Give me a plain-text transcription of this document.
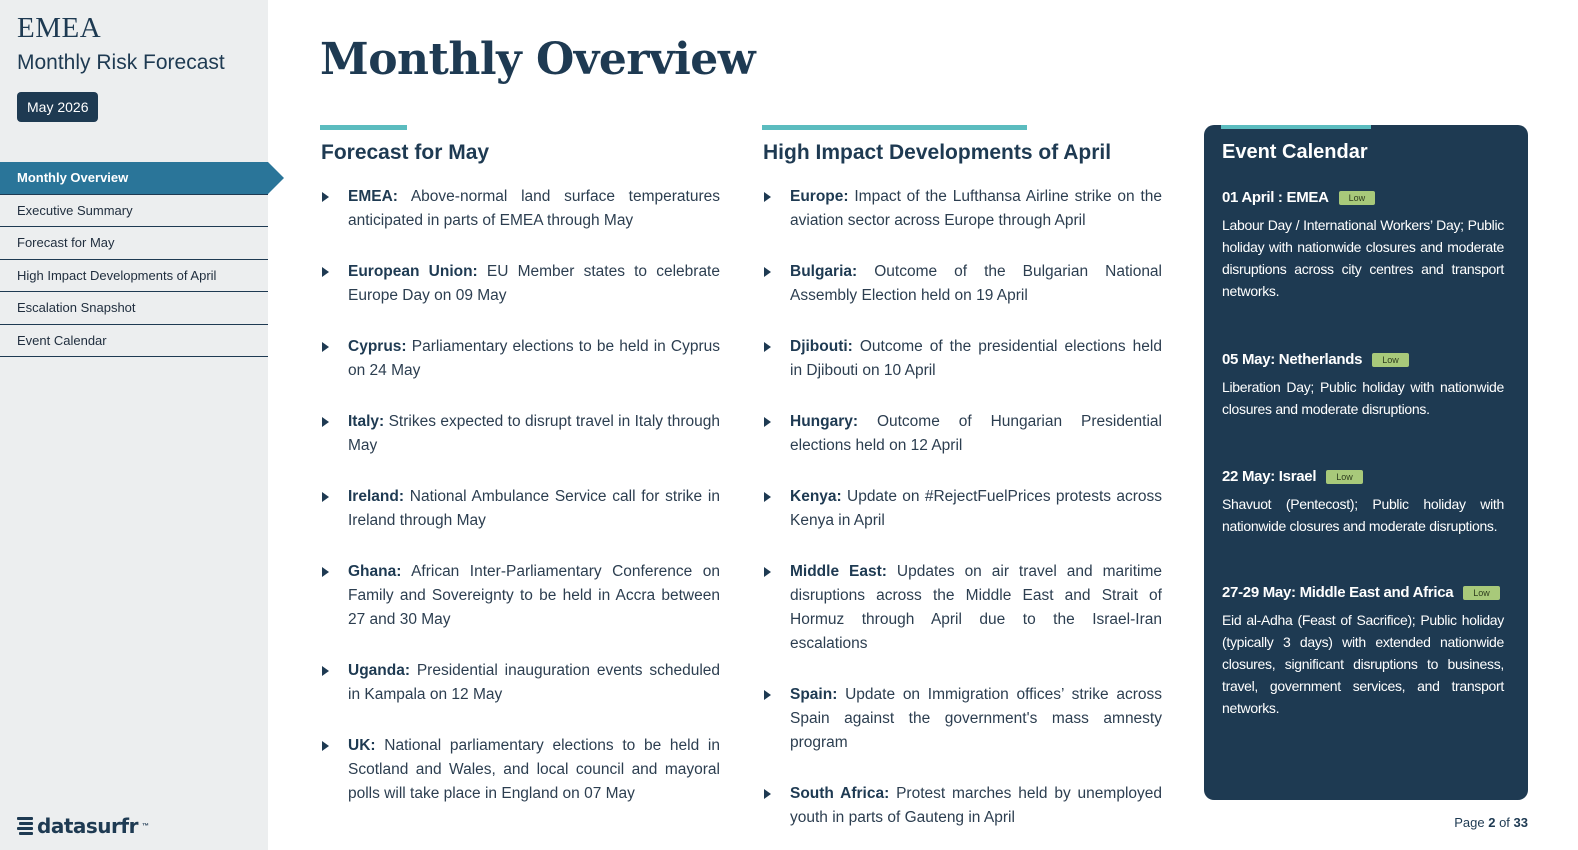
EMEA
Monthly Risk Forecast
May 2026
Monthly Overview
Executive Summary
Forecast for May
High Impact Developments of April
Escalation Snapshot
Event Calendar
datasurfr ™
Monthly Overview
Forecast for May
EMEA: Above-normal land surface temperatures anticipated in parts of EMEA through May
European Union: EU Member states to celebrate Europe Day on 09 May
Cyprus: Parliamentary elections to be held in Cyprus on 24 May
Italy: Strikes expected to disrupt travel in Italy through May
Ireland: National Ambulance Service call for strike in Ireland through May
Ghana: African Inter-Parliamentary Conference on Family and Sovereignty to be held in Accra between 27 and 30 May
Uganda: Presidential inauguration events scheduled in Kampala on 12 May
UK: National parliamentary elections to be held in Scotland and Wales, and local council and mayoral polls will take place in England on 07 May
High Impact Developments of April
Europe: Impact of the Lufthansa Airline strike on the aviation sector across Europe through April
Bulgaria: Outcome of the Bulgarian National Assembly Election held on 19 April
Djibouti: Outcome of the presidential elections held in Djibouti on 10 April
Hungary: Outcome of Hungarian Presidential elections held on 12 April
Kenya: Update on #RejectFuelPrices protests across Kenya in April
Middle East: Updates on air travel and maritime disruptions across the Middle East and Strait of Hormuz through April due to the Israel-Iran escalations
Spain: Update on Immigration offices’ strike across Spain against the government's mass amnesty program
South Africa: Protest marches held by unemployed youth in parts of Gauteng in April
Event Calendar
01 April : EMEA	Low
Labour Day / International Workers’ Day; Public holiday with nationwide closures and moderate disruptions across city centres and transport networks.
05 May: Netherlands	Low
Liberation Day; Public holiday with nationwide closures and moderate disruptions.
22 May: Israel	Low
Shavuot (Pentecost); Public holiday with nationwide closures and moderate disruptions.
27-29 May: Middle East and Africa	Low
Eid al-Adha (Feast of Sacrifice); Public holiday (typically 3 days) with extended nationwide closures, significant disruptions to business, travel, government services, and transport networks.
Page 2 of 33
